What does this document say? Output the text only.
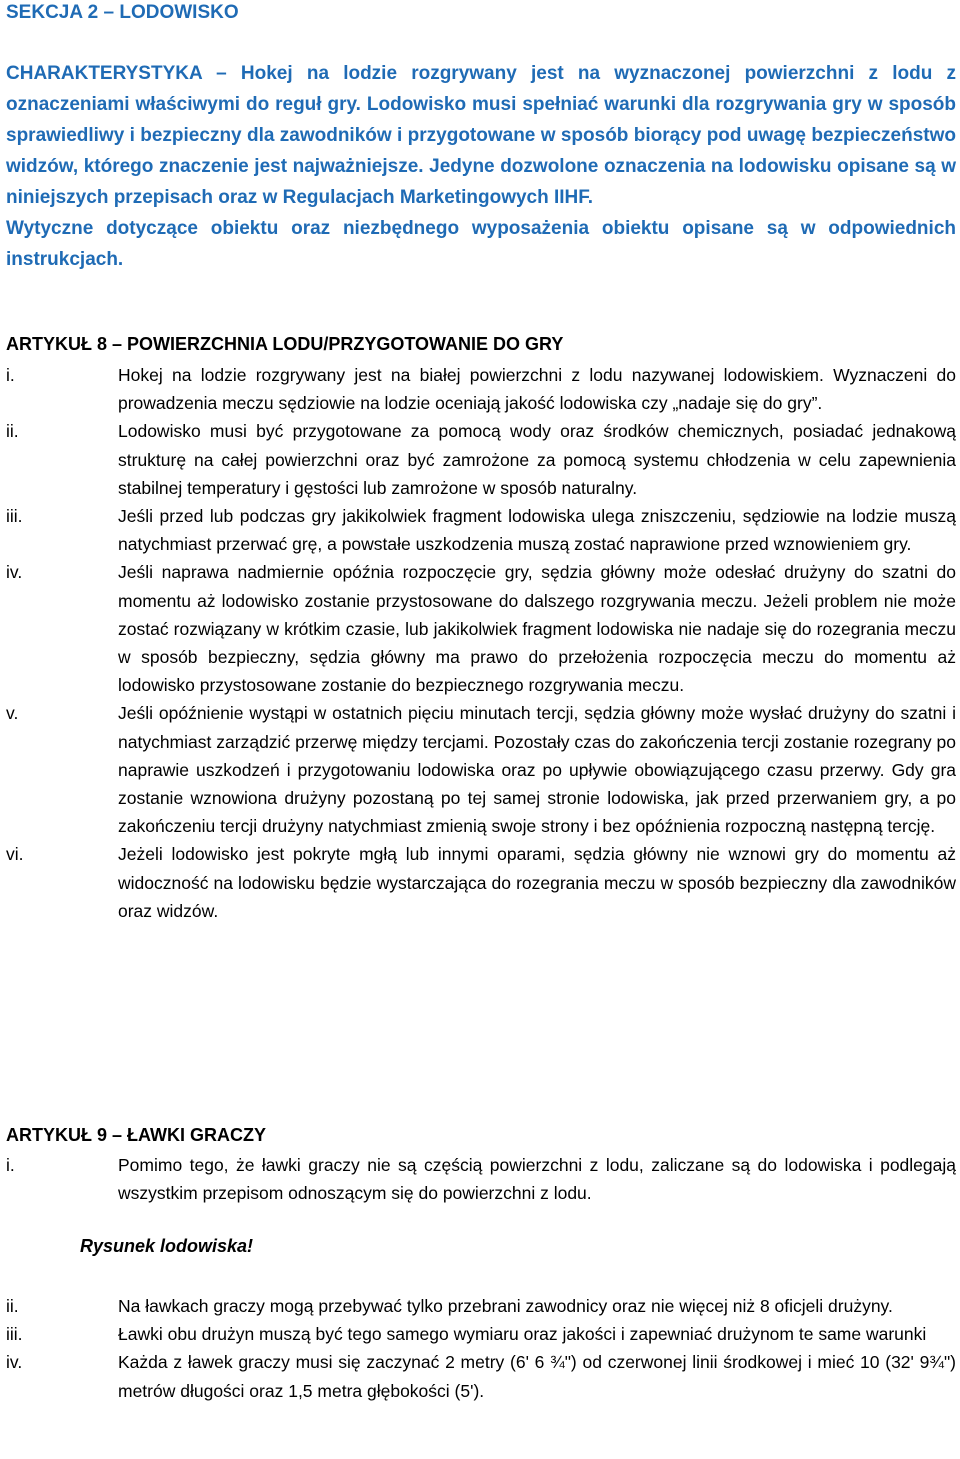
SEKCJA 2 – LODOWISKO

CHARAKTERYSTYKA – Hokej na lodzie rozgrywany jest na wyznaczonej powierzchni z lodu z oznaczeniami właściwymi do reguł gry. Lodowisko musi spełniać warunki dla rozgrywania gry w sposób sprawiedliwy i bezpieczny dla zawodników i przygotowane w sposób biorący pod uwagę bezpieczeństwo widzów, którego znaczenie jest najważniejsze. Jedyne dozwolone oznaczenia na lodowisku opisane są w niniejszych przepisach oraz w Regulacjach Marketingowych IIHF.

Wytyczne dotyczące obiektu oraz niezbędnego wyposażenia obiektu opisane są w odpowiednich instrukcjach.

ARTYKUŁ 8 – POWIERZCHNIA LODU/PRZYGOTOWANIE DO GRY
i.	Hokej na lodzie rozgrywany jest na białej powierzchni z lodu nazywanej lodowiskiem. Wyznaczeni do prowadzenia meczu sędziowie na lodzie oceniają jakość lodowiska czy „nadaje się do gry”.
ii.	Lodowisko musi być przygotowane za pomocą wody oraz środków chemicznych, posiadać jednakową strukturę na całej powierzchni oraz być zamrożone za pomocą systemu chłodzenia w celu zapewnienia stabilnej temperatury i gęstości lub zamrożone w sposób naturalny.
iii.	Jeśli przed lub podczas gry jakikolwiek fragment lodowiska ulega zniszczeniu, sędziowie na lodzie muszą natychmiast przerwać grę, a powstałe uszkodzenia muszą zostać naprawione przed wznowieniem gry.
iv.	Jeśli naprawa nadmiernie opóźnia rozpoczęcie gry, sędzia główny może odesłać drużyny do szatni do momentu aż lodowisko zostanie przystosowane do dalszego rozgrywania meczu. Jeżeli problem nie może zostać rozwiązany w krótkim czasie, lub jakikolwiek fragment lodowiska nie nadaje się do rozegrania meczu w sposób bezpieczny, sędzia główny ma prawo do przełożenia rozpoczęcia meczu do momentu aż lodowisko przystosowane zostanie do bezpiecznego rozgrywania meczu.
v.	Jeśli opóźnienie wystąpi w ostatnich pięciu minutach tercji, sędzia główny może wysłać drużyny do szatni i natychmiast zarządzić przerwę między tercjami. Pozostały czas do zakończenia tercji zostanie rozegrany po naprawie uszkodzeń i przygotowaniu lodowiska oraz po upływie obowiązującego czasu przerwy. Gdy gra zostanie wznowiona drużyny pozostaną po tej samej stronie lodowiska, jak przed przerwaniem gry, a po zakończeniu tercji drużyny natychmiast zmienią swoje strony i bez opóźnienia rozpoczną następną tercję.
vi.	Jeżeli lodowisko jest pokryte mgłą lub innymi oparami, sędzia główny nie wznowi gry do momentu aż widoczność na lodowisku będzie wystarczająca do rozegrania meczu w sposób bezpieczny dla zawodników oraz widzów.
ARTYKUŁ 9 – ŁAWKI GRACZY
i.	Pomimo tego, że ławki graczy nie są częścią powierzchni z lodu, zaliczane są do lodowiska i podlegają wszystkim przepisom odnoszącym się do powierzchni z lodu.
Rysunek lodowiska!
ii.	Na ławkach graczy mogą przebywać tylko przebrani zawodnicy oraz nie więcej niż 8 oficjeli drużyny.
iii.	Ławki obu drużyn muszą być tego samego wymiaru oraz jakości i zapewniać drużynom te same warunki
iv.	Każda z ławek graczy musi się zaczynać 2 metry (6' 6 ¾") od czerwonej linii środkowej i mieć 10 (32' 9¾") metrów długości oraz 1,5 metra głębokości (5').
